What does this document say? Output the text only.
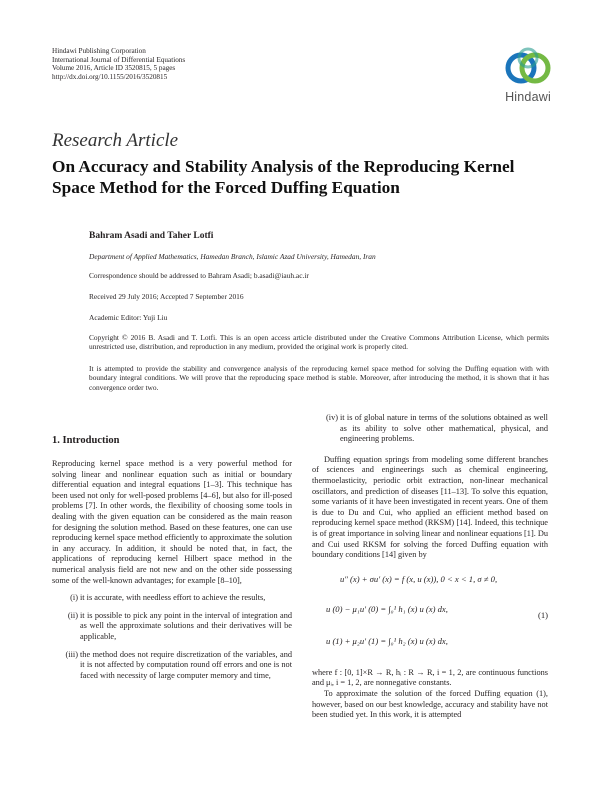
Hindawi Publishing Corporation
International Journal of Differential Equations
Volume 2016, Article ID 3520815, 5 pages
http://dx.doi.org/10.1155/2016/3520815
Hindawi
Research Article
On Accuracy and Stability Analysis of the Reproducing Kernel Space Method for the Forced Duffing Equation
Bahram Asadi and Taher Lotfi
Department of Applied Mathematics, Hamedan Branch, Islamic Azad University, Hamedan, Iran
Correspondence should be addressed to Bahram Asadi; b.asadi@iauh.ac.ir
Received 29 July 2016; Accepted 7 September 2016
Academic Editor: Yuji Liu
Copyright © 2016 B. Asadi and T. Lotfi. This is an open access article distributed under the Creative Commons Attribution License, which permits unrestricted use, distribution, and reproduction in any medium, provided the original work is properly cited.
It is attempted to provide the stability and convergence analysis of the reproducing kernel space method for solving the Duffing equation with with boundary integral conditions. We will prove that the reproducing space method is stable. Moreover, after introducing the method, it is shown that it has convergence order two.
1. Introduction

Reproducing kernel space method is a very powerful method for solving linear and nonlinear equation such as initial or boundary differential equation and integral equations [1–3]. This technique has been used not only for well-posed problems [4–6], but also for ill-posed problems [7]. In other words, the flexibility of choosing some tools in dealing with the given equation can be considered as the main reason for designing the solution method. Based on these features, one can use reproducing kernel space method efficiently to approximate the solution in any accuracy. In addition, it should be noted that, in fact, the applications of reproducing kernel Hilbert space method in the numerical analysis field are not new and on the other side possessing some of the well-known advantages; for example [8–10],

(i) it is accurate, with needless effort to achieve the results,
(ii) it is possible to pick any point in the interval of integration and as well the approximate solutions and their derivatives will be applicable,
(iii) the method does not require discretization of the variables, and it is not affected by computation round off errors and one is not faced with necessity of large computer memory and time,
(iv) it is of global nature in terms of the solutions obtained as well as its ability to solve other mathematical, physical, and engineering problems.

Duffing equation springs from modeling some different branches of sciences and engineerings such as chemical engineering, thermoelasticity, periodic orbit extraction, non-linear mechanical oscillators, and prediction of diseases [11–13]. To solve this equation, some variants of it have been investigated in recent years. One of them is due to Du and Cui, who applied an efficient method based on reproducing kernel space method (RKSM) [14]. Indeed, this technique is of great importance in solving linear and nonlinear equations [1]. Du and Cui used RKSM for solving the forced Duffing equation with boundary conditions [14] given by

u″ (x) + σu′ (x) = f (x, u (x)), 0 < x < 1, σ ≠ 0,
u (0) − μ₁u′ (0) = ∫₀¹ h₁ (x) u (x) dx,
u (1) + μ₂u′ (1) = ∫₀¹ h₂ (x) u (x) dx,
(1)

where f : [0, 1]×R → R, hᵢ : R → R, i = 1, 2, are continuous functions and μᵢ, i = 1, 2, are nonnegative constants.

To approximate the solution of the forced Duffing equation (1), however, based on our best knowledge, accuracy and stability have not been studied yet. In this work, it is attempted
